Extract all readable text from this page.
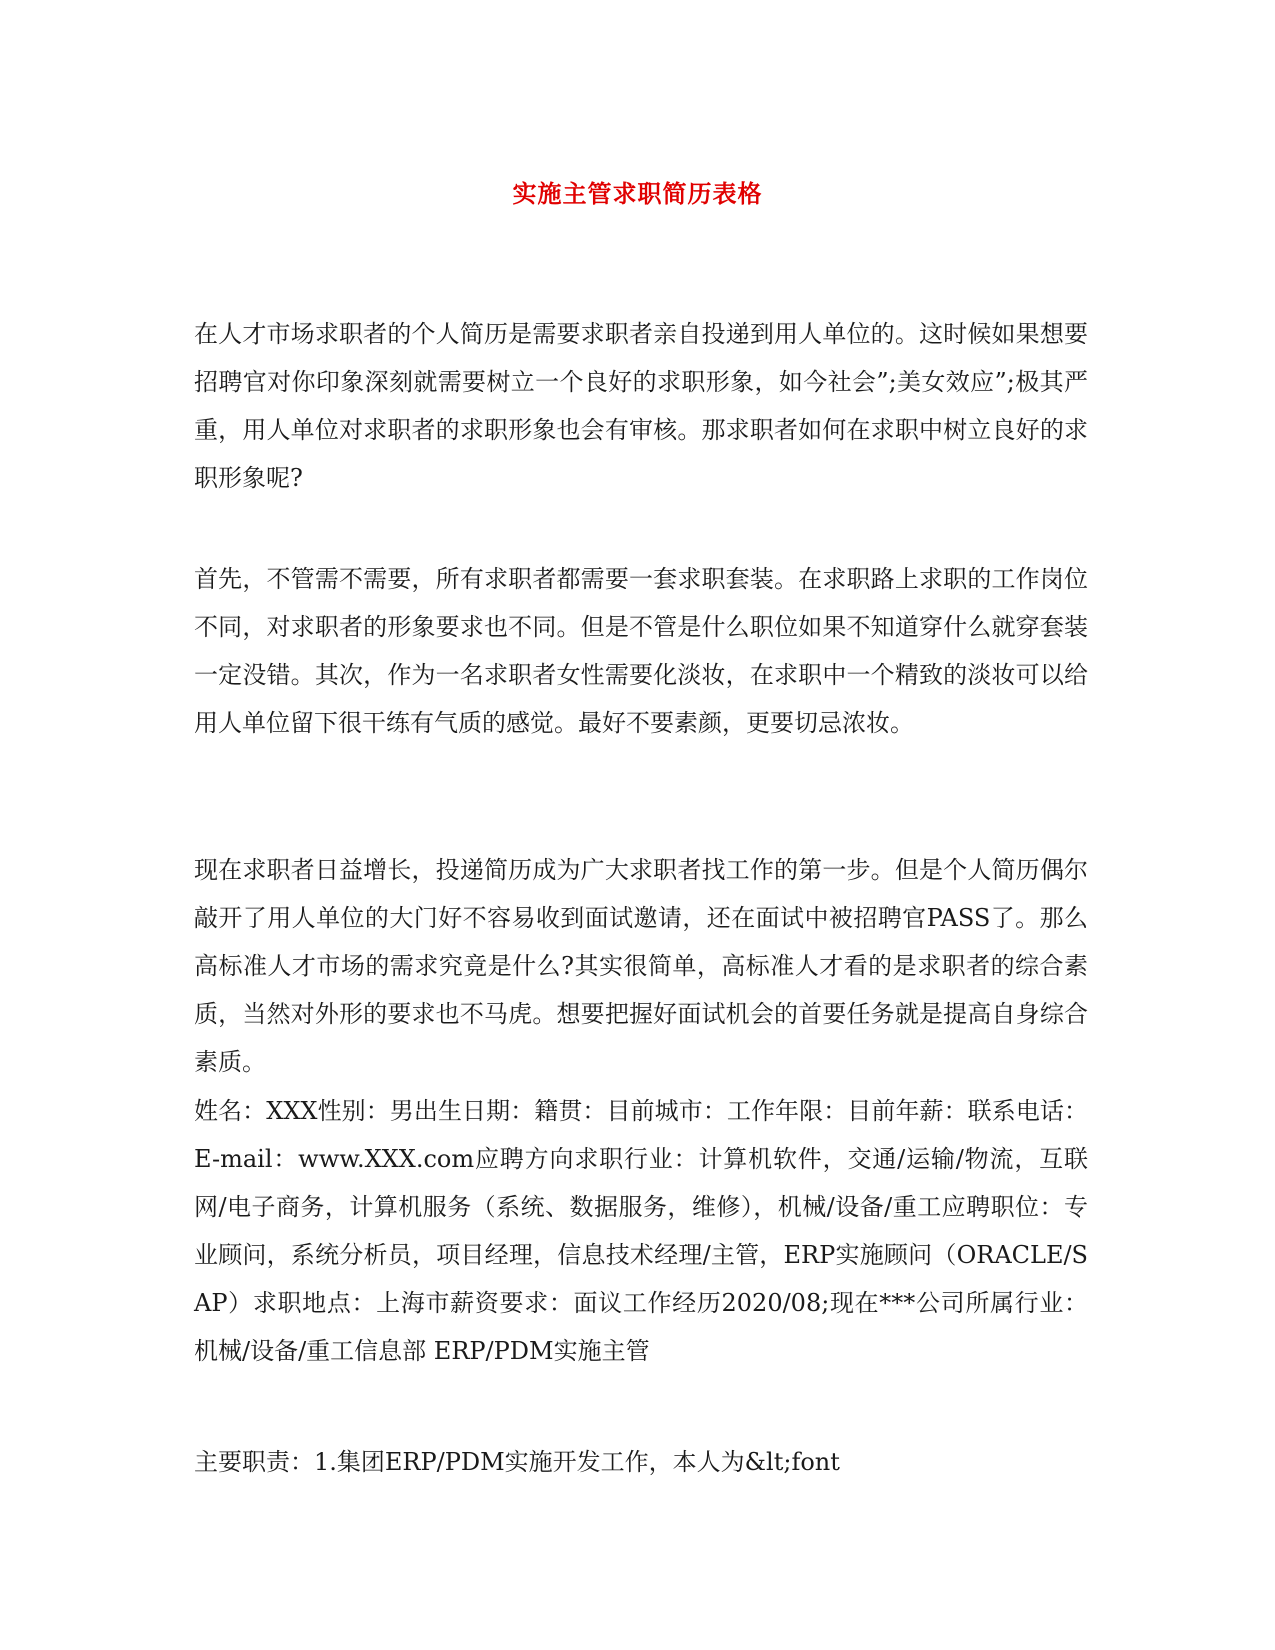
实施主管求职简历表格

在人才市场求职者的个人简历是需要求职者亲自投递到用人单位的。这时候如果想要招聘官对你印象深刻就需要树立一个良好的求职形象，如今社会”;美女效应”;极其严重，用人单位对求职者的求职形象也会有审核。那求职者如何在求职中树立良好的求职形象呢?

首先，不管需不需要，所有求职者都需要一套求职套装。在求职路上求职的工作岗位不同，对求职者的形象要求也不同。但是不管是什么职位如果不知道穿什么就穿套装一定没错。其次，作为一名求职者女性需要化淡妆，在求职中一个精致的淡妆可以给用人单位留下很干练有气质的感觉。最好不要素颜，更要切忌浓妆。

现在求职者日益增长，投递简历成为广大求职者找工作的第一步。但是个人简历偶尔敲开了用人单位的大门好不容易收到面试邀请，还在面试中被招聘官PASS了。那么高标准人才市场的需求究竟是什么?其实很简单，高标准人才看的是求职者的综合素质，当然对外形的要求也不马虎。想要把握好面试机会的首要任务就是提高自身综合素质。

姓名：XXX性别：男出生日期：籍贯：目前城市：工作年限：目前年薪：联系电话：E-mail：www.XXX.com应聘方向求职行业：计算机软件，交通/运输/物流，互联网/电子商务，计算机服务（系统、数据服务，维修），机械/设备/重工应聘职位：专业顾问，系统分析员，项目经理，信息技术经理/主管，ERP实施顾问（ORACLE/SAP）求职地点：上海市薪资要求：面议工作经历2020/08;现在***公司所属行业：机械/设备/重工信息部 ERP/PDM实施主管

主要职责：1.集团ERP/PDM实施开发工作，本人为&lt;font
